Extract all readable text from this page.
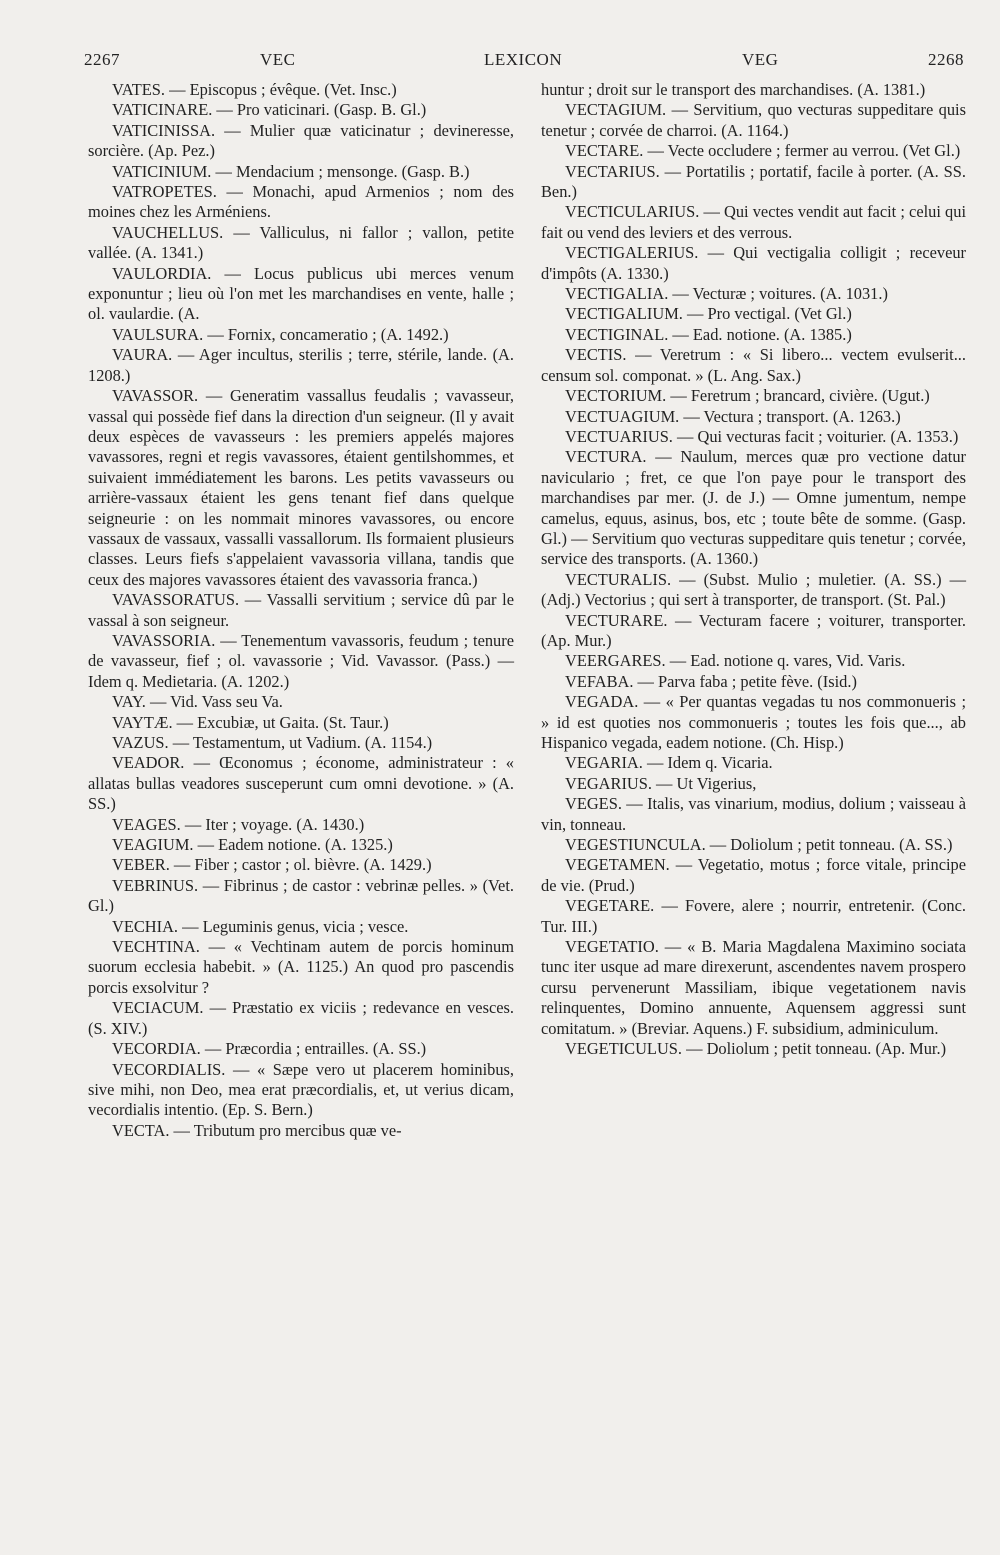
2267	VEC	LEXICON	VEG	2268

VATES. — Episcopus ; évêque. (Vet. Insc.)

VATICINARE. — Pro vaticinari. (Gasp. B. Gl.)

VATICINISSA. — Mulier quæ vaticinatur ; devineresse, sorcière. (Ap. Pez.)

VATICINIUM. — Mendacium ; mensonge. (Gasp. B.)

VATROPETES. — Monachi, apud Armenios ; nom des moines chez les Arméniens.

VAUCHELLUS. — Valliculus, ni fallor ; vallon, petite vallée. (A. 1341.)

VAULORDIA. — Locus publicus ubi merces venum exponuntur ; lieu où l'on met les marchandises en vente, halle ; ol. vaulardie. (A.

VAULSURA. — Fornix, concameratio ; (A. 1492.)

VAURA. — Ager incultus, sterilis ; terre, stérile, lande. (A. 1208.)

VAVASSOR. — Generatim vassallus feudalis ; vavasseur, vassal qui possède fief dans la direction d'un seigneur. (Il y avait deux espèces de vavasseurs : les premiers appelés majores vavassores, regni et regis vavassores, étaient gentilshommes, et suivaient immédiatement les barons. Les petits vavasseurs ou arrière-vassaux étaient les gens tenant fief dans quelque seigneurie : on les nommait minores vavassores, ou encore vassaux de vassaux, vassalli vassallorum. Ils formaient plusieurs classes. Leurs fiefs s'appelaient vavassoria villana, tandis que ceux des majores vavassores étaient des vavassoria franca.)

VAVASSORATUS. — Vassalli servitium ; service dû par le vassal à son seigneur.

VAVASSORIA. — Tenementum vavassoris, feudum ; tenure de vavasseur, fief ; ol. vavassorie ; Vid. Vavassor. (Pass.) — Idem q. Medietaria. (A. 1202.)

VAY. — Vid. Vass seu Va.

VAYTÆ. — Excubiæ, ut Gaita. (St. Taur.)

VAZUS. — Testamentum, ut Vadium. (A. 1154.)

VEADOR. — Œconomus ; économe, administrateur : « allatas bullas veadores susceperunt cum omni devotione. » (A. SS.)

VEAGES. — Iter ; voyage. (A. 1430.)

VEAGIUM. — Eadem notione. (A. 1325.)

VEBER. — Fiber ; castor ; ol. bièvre. (A. 1429.)

VEBRINUS. — Fibrinus ; de castor : vebrinæ pelles. » (Vet. Gl.)

VECHIA. — Leguminis genus, vicia ; vesce.

VECHTINA. — « Vechtinam autem de porcis hominum suorum ecclesia habebit. » (A. 1125.) An quod pro pascendis porcis exsolvitur ?

VECIACUM. — Præstatio ex viciis ; redevance en vesces. (S. XIV.)

VECORDIA. — Præcordia ; entrailles. (A. SS.)

VECORDIALIS. — « Sæpe vero ut placerem hominibus, sive mihi, non Deo, mea erat præcordialis, et, ut verius dicam, vecordialis intentio. (Ep. S. Bern.)

VECTA. — Tributum pro mercibus quæ ve-

huntur ; droit sur le transport des marchandises. (A. 1381.)

VECTAGIUM. — Servitium, quo vecturas suppeditare quis tenetur ; corvée de charroi. (A. 1164.)

VECTARE. — Vecte occludere ; fermer au verrou. (Vet Gl.)

VECTARIUS. — Portatilis ; portatif, facile à porter. (A. SS. Ben.)

VECTICULARIUS. — Qui vectes vendit aut facit ; celui qui fait ou vend des leviers et des verrous.

VECTIGALERIUS. — Qui vectigalia colligit ; receveur d'impôts (A. 1330.)

VECTIGALIA. — Vecturæ ; voitures. (A. 1031.)

VECTIGALIUM. — Pro vectigal. (Vet Gl.)

VECTIGINAL. — Ead. notione. (A. 1385.)

VECTIS. — Veretrum : « Si libero... vectem evulserit... censum sol. componat. » (L. Ang. Sax.)

VECTORIUM. — Feretrum ; brancard, civière. (Ugut.)

VECTUAGIUM. — Vectura ; transport. (A. 1263.)

VECTUARIUS. — Qui vecturas facit ; voiturier. (A. 1353.)

VECTURA. — Naulum, merces quæ pro vectione datur naviculario ; fret, ce que l'on paye pour le transport des marchandises par mer. (J. de J.) — Omne jumentum, nempe camelus, equus, asinus, bos, etc ; toute bête de somme. (Gasp. Gl.) — Servitium quo vecturas suppeditare quis tenetur ; corvée, service des transports. (A. 1360.)

VECTURALIS. — (Subst. Mulio ; muletier. (A. SS.) — (Adj.) Vectorius ; qui sert à transporter, de transport. (St. Pal.)

VECTURARE. — Vecturam facere ; voiturer, transporter. (Ap. Mur.)

VEERGARES. — Ead. notione q. vares, Vid. Varis.

VEFABA. — Parva faba ; petite fève. (Isid.)

VEGADA. — « Per quantas vegadas tu nos commonueris ; » id est quoties nos commonueris ; toutes les fois que..., ab Hispanico vegada, eadem notione. (Ch. Hisp.)

VEGARIA. — Idem q. Vicaria.

VEGARIUS. — Ut Vigerius,

VEGES. — Italis, vas vinarium, modius, dolium ; vaisseau à vin, tonneau.

VEGESTIUNCULA. — Doliolum ; petit tonneau. (A. SS.)

VEGETAMEN. — Vegetatio, motus ; force vitale, principe de vie. (Prud.)

VEGETARE. — Fovere, alere ; nourrir, entretenir. (Conc. Tur. III.)

VEGETATIO. — « B. Maria Magdalena Maximino sociata tunc iter usque ad mare direxerunt, ascendentes navem prospero cursu pervenerunt Massiliam, ibique vegetationem navis relinquentes, Domino annuente, Aquensem aggressi sunt comitatum. » (Breviar. Aquens.) F. subsidium, adminiculum.

VEGETICULUS. — Doliolum ; petit tonneau. (Ap. Mur.)
